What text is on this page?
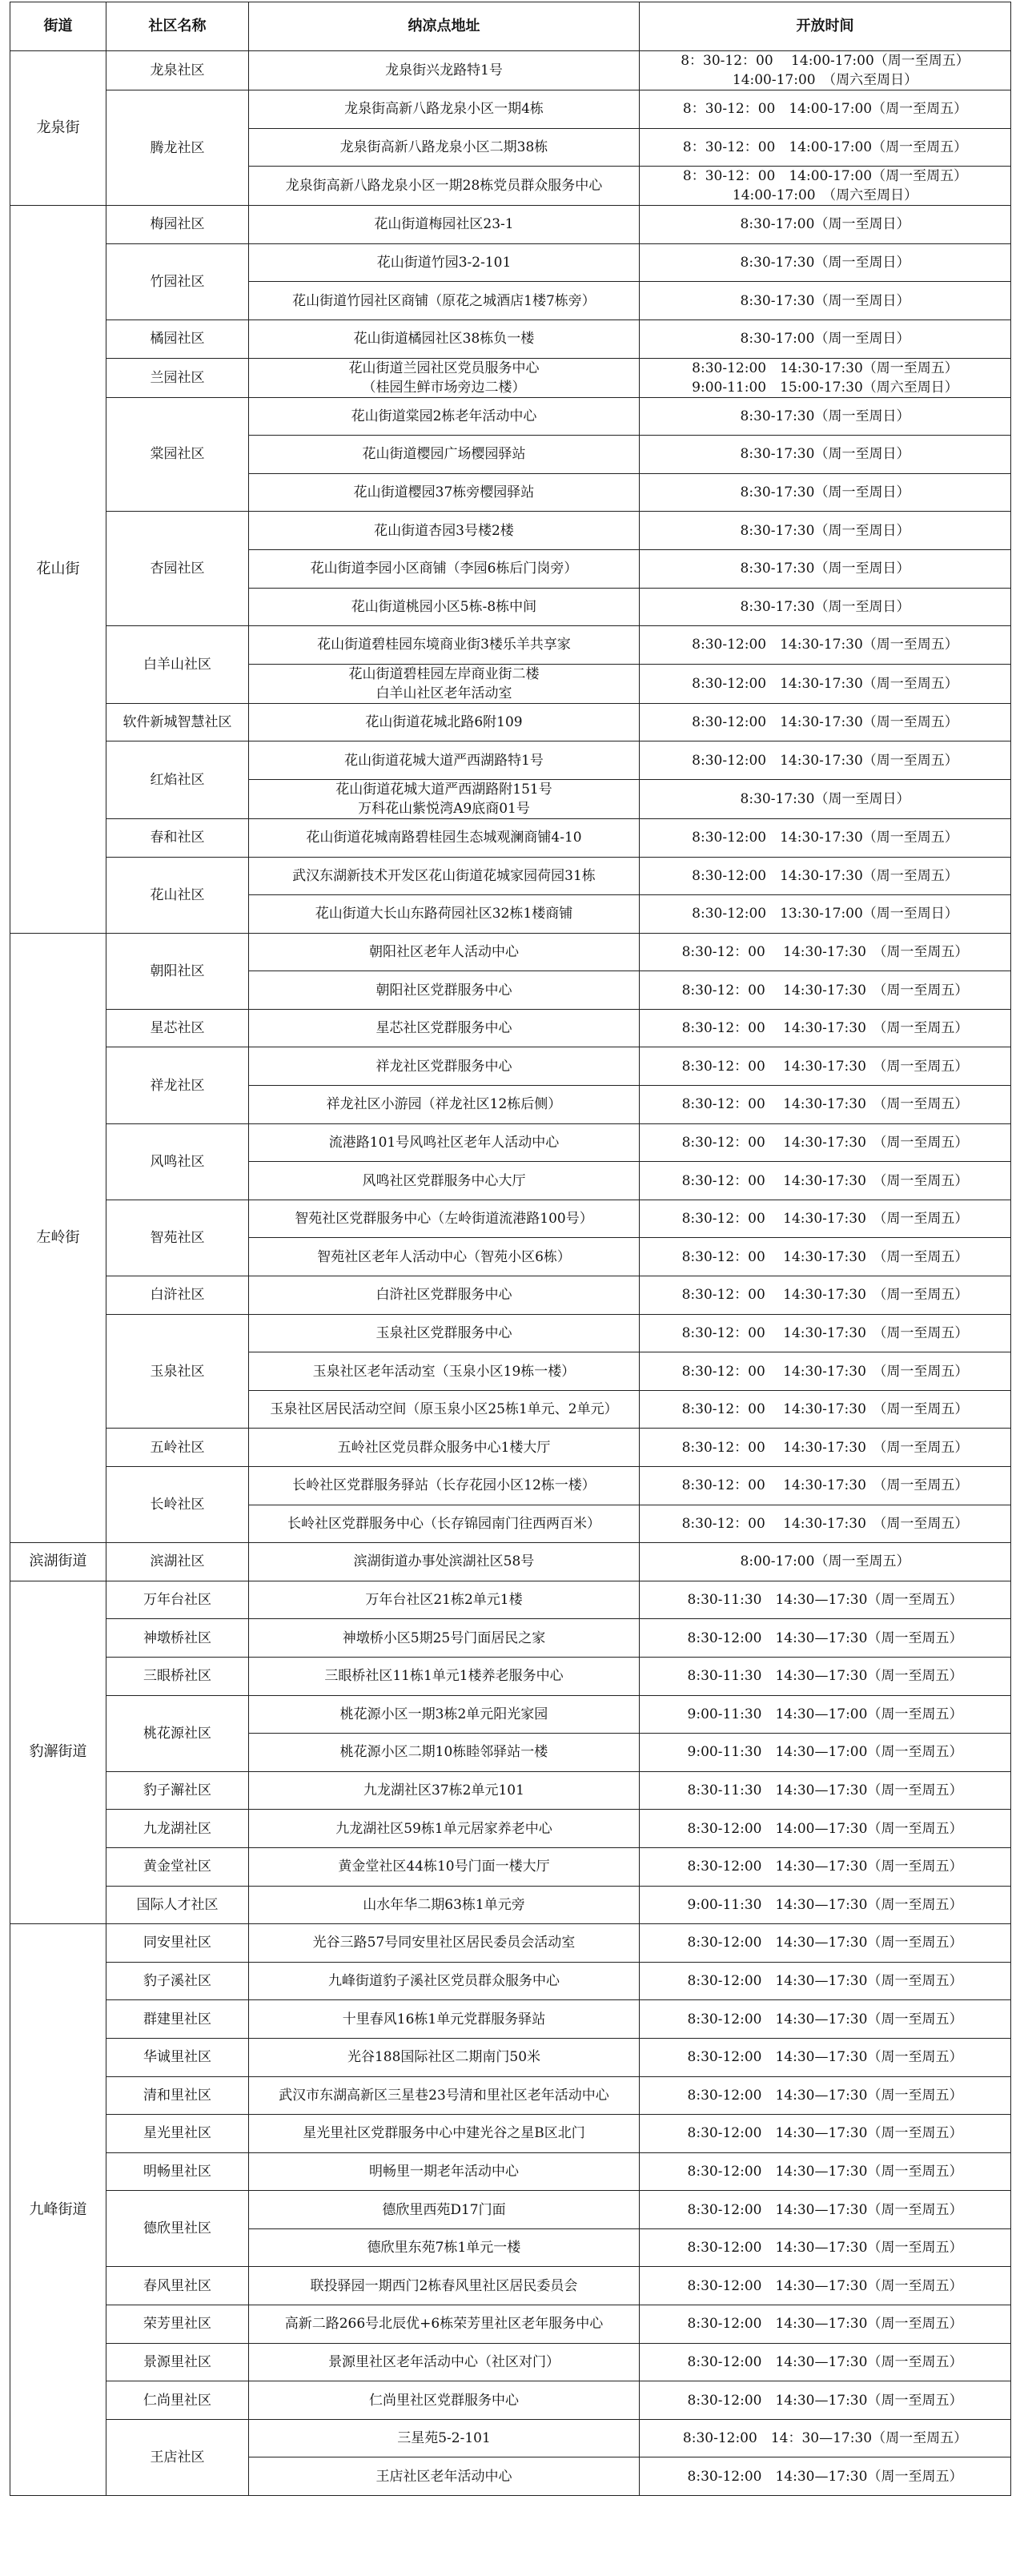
街道	社区名称	纳凉点地址	开放时间
龙泉街	龙泉社区	龙泉街兴龙路特1号	8：30-12：00　 14:00-17:00（周一至周五）
14:00-17:00　（周六至周日）
	腾龙社区	龙泉街高新八路龙泉小区一期4栋	8：30-12：00　14:00-17:00（周一至周五）
		龙泉街高新八路龙泉小区二期38栋	8：30-12：00　14:00-17:00（周一至周五）
		龙泉街高新八路龙泉小区一期28栋党员群众服务中心	8：30-12：00　14:00-17:00（周一至周五）
14:00-17:00　（周六至周日）
花山街	梅园社区	花山街道梅园社区23-1	8:30-17:00（周一至周日）
	竹园社区	花山街道竹园3-2-101	8:30-17:30（周一至周日）
		花山街道竹园社区商铺（原花之城酒店1楼7栋旁）	8:30-17:30（周一至周日）
	橘园社区	花山街道橘园社区38栋负一楼	8:30-17:00（周一至周日）
	兰园社区	花山街道兰园社区党员服务中心
（桂园生鲜市场旁边二楼）	8:30-12:00　14:30-17:30（周一至周五）
9:00-11:00　15:00-17:30（周六至周日）
	棠园社区	花山街道棠园2栋老年活动中心	8:30-17:30（周一至周日）
		花山街道樱园广场樱园驿站	8:30-17:30（周一至周日）
		花山街道樱园37栋旁樱园驿站	8:30-17:30（周一至周日）
	杏园社区	花山街道杏园3号楼2楼	8:30-17:30（周一至周日）
		花山街道李园小区商铺（李园6栋后门岗旁）	8:30-17:30（周一至周日）
		花山街道桃园小区5栋-8栋中间	8:30-17:30（周一至周日）
	白羊山社区	花山街道碧桂园东境商业街3楼乐羊共享家	8:30-12:00　14:30-17:30（周一至周五）
		花山街道碧桂园左岸商业街二楼
白羊山社区老年活动室	8:30-12:00　14:30-17:30（周一至周五）
	软件新城智慧社区	花山街道花城北路6附109	8:30-12:00　14:30-17:30（周一至周五）
	红焰社区	花山街道花城大道严西湖路特1号	8:30-12:00　14:30-17:30（周一至周五）
		花山街道花城大道严西湖路附151号
万科花山紫悦湾A9底商01号	8:30-17:30（周一至周日）
	春和社区	花山街道花城南路碧桂园生态城观澜商铺4-10	8:30-12:00　14:30-17:30（周一至周五）
	花山社区	武汉东湖新技术开发区花山街道花城家园荷园31栋	8:30-12:00　14:30-17:30（周一至周五）
		花山街道大长山东路荷园社区32栋1楼商铺	8:30-12:00　13:30-17:00（周一至周日）
左岭街	朝阳社区	朝阳社区老年人活动中心	8:30-12：00　 14:30-17:30　（周一至周五）
		朝阳社区党群服务中心	8:30-12：00　 14:30-17:30　（周一至周五）
	星芯社区	星芯社区党群服务中心	8:30-12：00　 14:30-17:30　（周一至周五）
	祥龙社区	祥龙社区党群服务中心	8:30-12：00　 14:30-17:30　（周一至周五）
		祥龙社区小游园（祥龙社区12栋后侧）	8:30-12：00　 14:30-17:30　（周一至周五）
	风鸣社区	流港路101号风鸣社区老年人活动中心	8:30-12：00　 14:30-17:30　（周一至周五）
		风鸣社区党群服务中心大厅	8:30-12：00　 14:30-17:30　（周一至周五）
	智苑社区	智苑社区党群服务中心（左岭街道流港路100号）	8:30-12：00　 14:30-17:30　（周一至周五）
		智苑社区老年人活动中心（智苑小区6栋）	8:30-12：00　 14:30-17:30　（周一至周五）
	白浒社区	白浒社区党群服务中心	8:30-12：00　 14:30-17:30　（周一至周五）
	玉泉社区	玉泉社区党群服务中心	8:30-12：00　 14:30-17:30　（周一至周五）
		玉泉社区老年活动室（玉泉小区19栋一楼）	8:30-12：00　 14:30-17:30　（周一至周五）
		玉泉社区居民活动空间（原玉泉小区25栋1单元、2单元）	8:30-12：00　 14:30-17:30　（周一至周五）
	五岭社区	五岭社区党员群众服务中心1楼大厅	8:30-12：00　 14:30-17:30　（周一至周五）
	长岭社区	长岭社区党群服务驿站（长存花园小区12栋一楼）	8:30-12：00　 14:30-17:30　（周一至周五）
		长岭社区党群服务中心（长存锦园南门往西两百米）	8:30-12：00　 14:30-17:30　（周一至周五）
滨湖街道	滨湖社区	滨湖街道办事处滨湖社区58号	8:00-17:00（周一至周五）
豹澥街道	万年台社区	万年台社区21栋2单元1楼	8:30-11:30　14:30—17:30（周一至周五）
	神墩桥社区	神墩桥小区5期25号门面居民之家	8:30-12:00　14:30—17:30（周一至周五）
	三眼桥社区	三眼桥社区11栋1单元1楼养老服务中心	8:30-11:30　14:30—17:30（周一至周五）
	桃花源社区	桃花源小区一期3栋2单元阳光家园	9:00-11:30　14:30—17:00（周一至周五）
		桃花源小区二期10栋睦邻驿站一楼	9:00-11:30　14:30—17:00（周一至周五）
	豹子澥社区	九龙湖社区37栋2单元101	8:30-11:30　14:30—17:30（周一至周五）
	九龙湖社区	九龙湖社区59栋1单元居家养老中心	8:30-12:00　14:00—17:30（周一至周五）
	黄金堂社区	黄金堂社区44栋10号门面一楼大厅	8:30-12:00　14:30—17:30（周一至周五）
	国际人才社区	山水年华二期63栋1单元旁	9:00-11:30　14:30—17:30（周一至周五）
九峰街道	同安里社区	光谷三路57号同安里社区居民委员会活动室	8:30-12:00　14:30—17:30（周一至周五）
	豹子溪社区	九峰街道豹子溪社区党员群众服务中心	8:30-12:00　14:30—17:30（周一至周五）
	群建里社区	十里春风16栋1单元党群服务驿站	8:30-12:00　14:30—17:30（周一至周五）
	华诚里社区	光谷188国际社区二期南门50米	8:30-12:00　14:30—17:30（周一至周五）
	清和里社区	武汉市东湖高新区三星巷23号清和里社区老年活动中心	8:30-12:00　14:30—17:30（周一至周五）
	星光里社区	星光里社区党群服务中心中建光谷之星B区北门	8:30-12:00　14:30—17:30（周一至周五）
	明畅里社区	明畅里一期老年活动中心	8:30-12:00　14:30—17:30（周一至周五）
	德欣里社区	德欣里西苑D17门面	8:30-12:00　14:30—17:30（周一至周五）
		德欣里东苑7栋1单元一楼	8:30-12:00　14:30—17:30（周一至周五）
	春风里社区	联投驿园一期西门2栋春风里社区居民委员会	8:30-12:00　14:30—17:30（周一至周五）
	荣芳里社区	高新二路266号北辰优+6栋荣芳里社区老年服务中心	8:30-12:00　14:30—17:30（周一至周五）
	景源里社区	景源里社区老年活动中心（社区对门）	8:30-12:00　14:30—17:30（周一至周五）
	仁尚里社区	仁尚里社区党群服务中心	8:30-12:00　14:30—17:30（周一至周五）
	王店社区	三星苑5-2-101	8:30-12:00　14：30—17:30（周一至周五）
		王店社区老年活动中心	8:30-12:00　14:30—17:30（周一至周五）
